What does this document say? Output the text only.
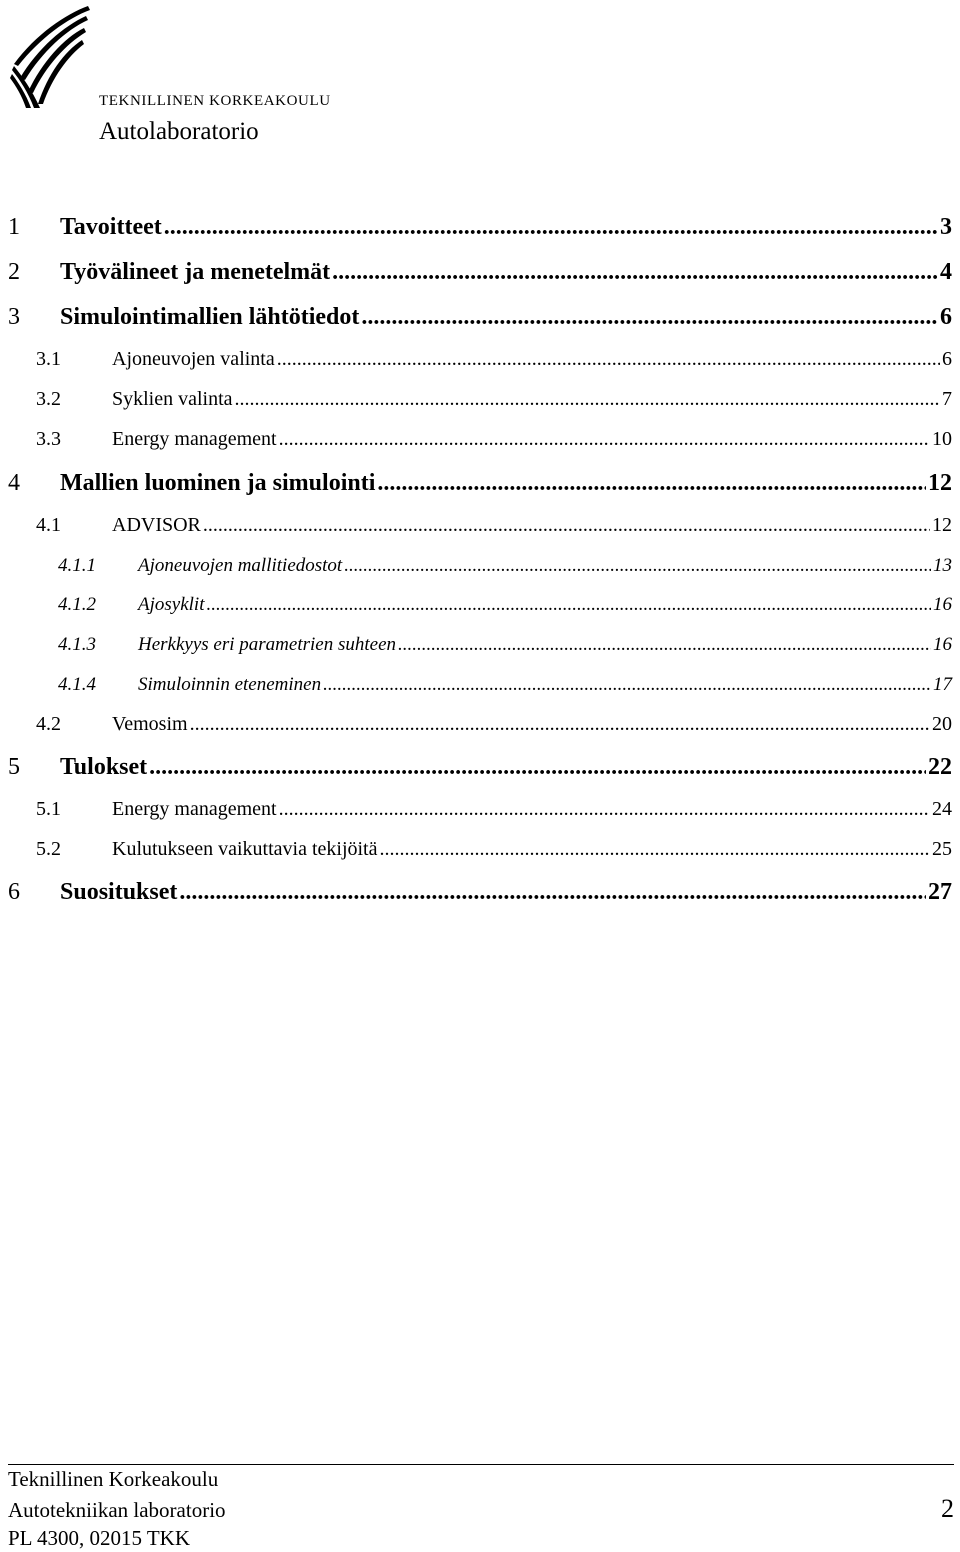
TEKNILLINEN KORKEAKOULU
Autolaboratorio
1	Tavoitteet .....	3
2	Työvälineet ja menetelmät .....	4
3	Simulointimallien lähtötiedot .....	6
3.1	Ajoneuvojen valinta .....	6
3.2	Syklien valinta .....	7
3.3	Energy management .....	10
4	Mallien luominen ja simulointi .....	12
4.1	ADVISOR .....	12
4.1.1	Ajoneuvojen mallitiedostot .....	13
4.1.2	Ajosyklit .....	16
4.1.3	Herkkyys eri parametrien suhteen .....	16
4.1.4	Simuloinnin eteneminen .....	17
4.2	Vemosim .....	20
5	Tulokset .....	22
5.1	Energy management .....	24
5.2	Kulutukseen vaikuttavia tekijöitä .....	25
6	Suositukset .....	27
Teknillinen Korkeakoulu
Autotekniikan laboratorio
PL 4300, 02015 TKK
2
